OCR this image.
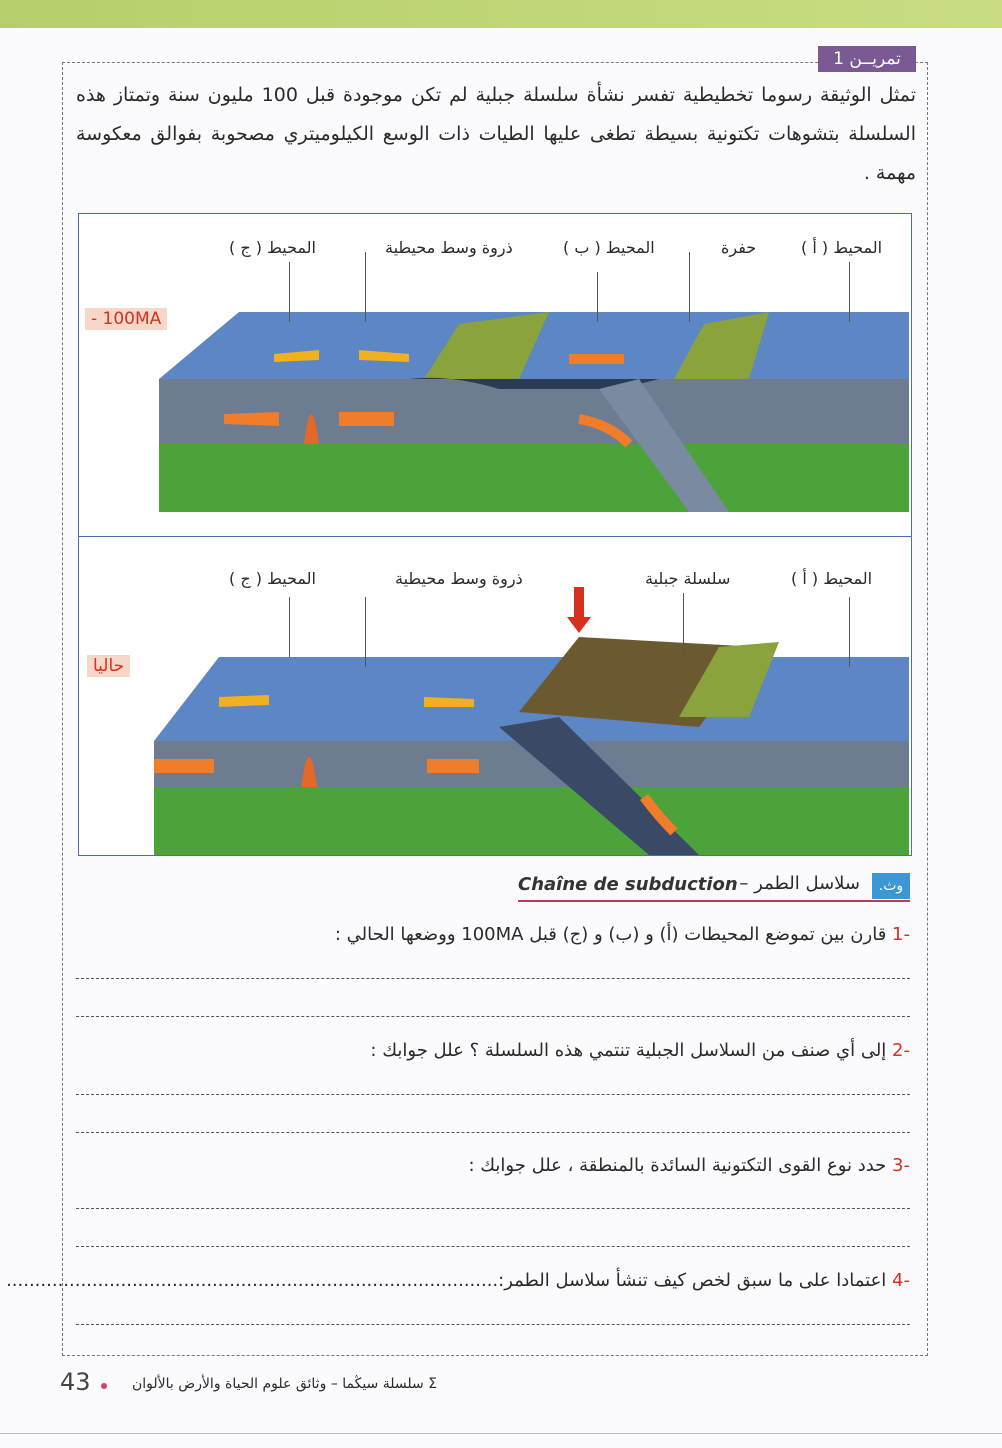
تمريــن 1

تمثل الوثيقة رسوما تخطيطية تفسر نشأة سلسلة جبلية لم تكن موجودة قبل 100 مليون سنة وتمتاز هذه السلسلة بتشوهات تكتونية بسيطة تطغى عليها الطيات ذات الوسع الكيلوميتري مصحوبة بفوالق معكوسة مهمة .

المحيط ( أ )
حفرة
المحيط ( ب )
ذروة وسط محيطية
المحيط ( ج )
- 100MA
المحيط ( أ )
سلسلة جبلية
ذروة وسط محيطية
المحيط ( ج )
حاليا
وث.
سلاسل الطمر –
Chaîne de subduction
-1 قارن بين تموضع المحيطات (أ) و (ب) و (ج) قبل 100MA ووضعها الحالي :
-2 إلى أي صنف من السلاسل الجبلية تنتمي هذه السلسلة ؟ علل جوابك :
-3 حدد نوع القوى التكتونية السائدة بالمنطقة ، علل جوابك :
-4 اعتمادا على ما سبق لخص كيف تنشأ سلاسل الطمر:......................................................................................
43	Σ سلسلة سيڭما – وثائق علوم الحياة والأرض بالألوان
